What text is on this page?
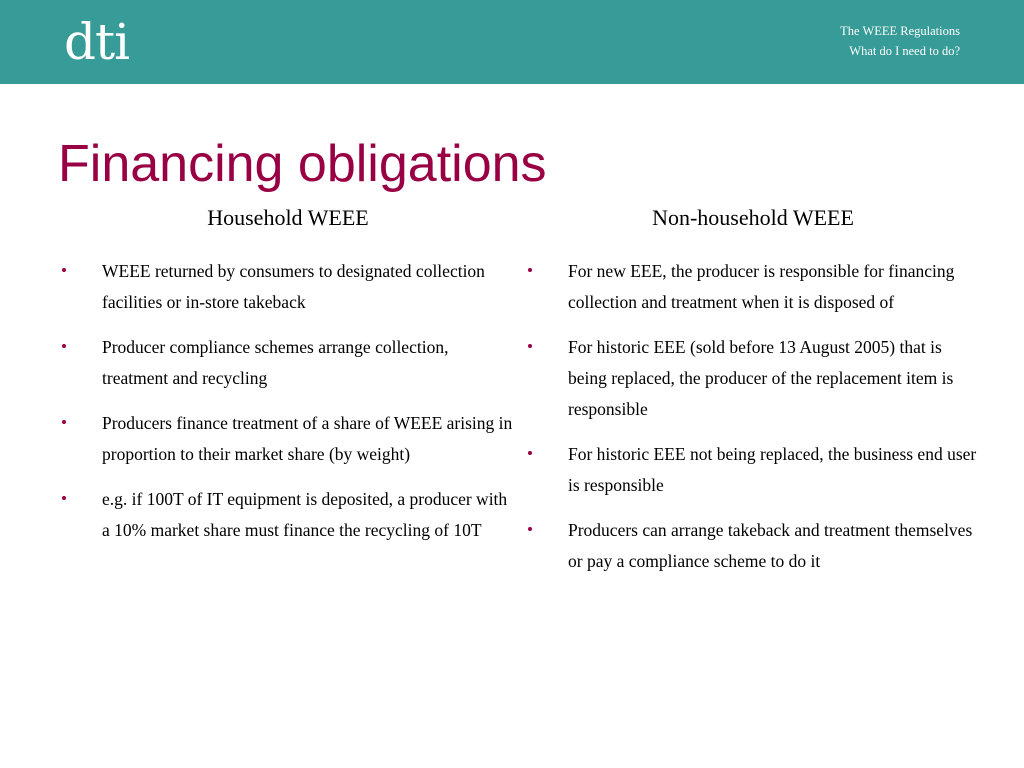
dti	The WEEE Regulations
What do I need to do?
Financing obligations
Household WEEE
WEEE returned by consumers to designated collection facilities or in-store takeback
Producer compliance schemes arrange collection, treatment and recycling
Producers finance treatment of a share of WEEE arising in proportion to their market share (by weight)
e.g. if 100T of IT equipment is deposited, a producer with a 10% market share must finance the recycling of 10T
Non-household WEEE
For new EEE, the producer is responsible for financing collection and treatment when it is disposed of
For historic EEE (sold before 13 August 2005) that is being replaced, the producer of the replacement item is responsible
For historic EEE not being replaced, the business end user is responsible
Producers can arrange takeback and treatment themselves or pay a compliance scheme to do it
